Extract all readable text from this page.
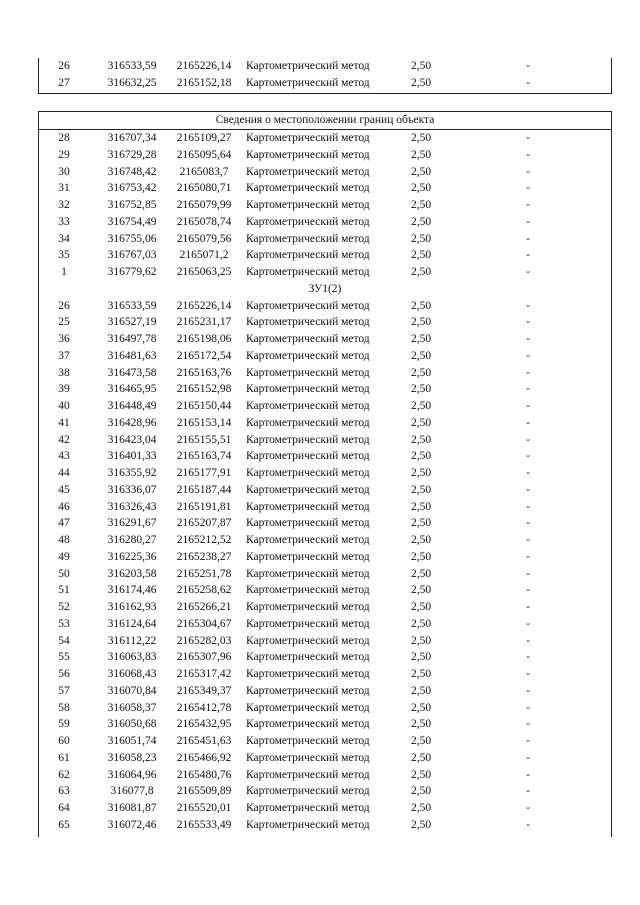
26	316533,59	2165226,14	Картометрический метод	2,50	-
27	316632,25	2165152,18	Картометрический метод	2,50	-
Сведения о местоположении границ объекта
28	316707,34	2165109,27	Картометрический метод	2,50	-
29	316729,28	2165095,64	Картометрический метод	2,50	-
30	316748,42	2165083,7	Картометрический метод	2,50	-
31	316753,42	2165080,71	Картометрический метод	2,50	-
32	316752,85	2165079,99	Картометрический метод	2,50	-
33	316754,49	2165078,74	Картометрический метод	2,50	-
34	316755,06	2165079,56	Картометрический метод	2,50	-
35	316767,03	2165071,2	Картометрический метод	2,50	-
1	316779,62	2165063,25	Картометрический метод	2,50	-
ЗУ1(2)
26	316533,59	2165226,14	Картометрический метод	2,50	-
25	316527,19	2165231,17	Картометрический метод	2,50	-
36	316497,78	2165198,06	Картометрический метод	2,50	-
37	316481,63	2165172,54	Картометрический метод	2,50	-
38	316473,58	2165163,76	Картометрический метод	2,50	-
39	316465,95	2165152,98	Картометрический метод	2,50	-
40	316448,49	2165150,44	Картометрический метод	2,50	-
41	316428,96	2165153,14	Картометрический метод	2,50	-
42	316423,04	2165155,51	Картометрический метод	2,50	-
43	316401,33	2165163,74	Картометрический метод	2,50	-
44	316355,92	2165177,91	Картометрический метод	2,50	-
45	316336,07	2165187,44	Картометрический метод	2,50	-
46	316326,43	2165191,81	Картометрический метод	2,50	-
47	316291,67	2165207,87	Картометрический метод	2,50	-
48	316280,27	2165212,52	Картометрический метод	2,50	-
49	316225,36	2165238,27	Картометрический метод	2,50	-
50	316203,58	2165251,78	Картометрический метод	2,50	-
51	316174,46	2165258,62	Картометрический метод	2,50	-
52	316162,93	2165266,21	Картометрический метод	2,50	-
53	316124,64	2165304,67	Картометрический метод	2,50	-
54	316112,22	2165282,03	Картометрический метод	2,50	-
55	316063,83	2165307,96	Картометрический метод	2,50	-
56	316068,43	2165317,42	Картометрический метод	2,50	-
57	316070,84	2165349,37	Картометрический метод	2,50	-
58	316058,37	2165412,78	Картометрический метод	2,50	-
59	316050,68	2165432,95	Картометрический метод	2,50	-
60	316051,74	2165451,63	Картометрический метод	2,50	-
61	316058,23	2165466,92	Картометрический метод	2,50	-
62	316064,96	2165480,76	Картометрический метод	2,50	-
63	316077,8	2165509,89	Картометрический метод	2,50	-
64	316081,87	2165520,01	Картометрический метод	2,50	-
65	316072,46	2165533,49	Картометрический метод	2,50	-
